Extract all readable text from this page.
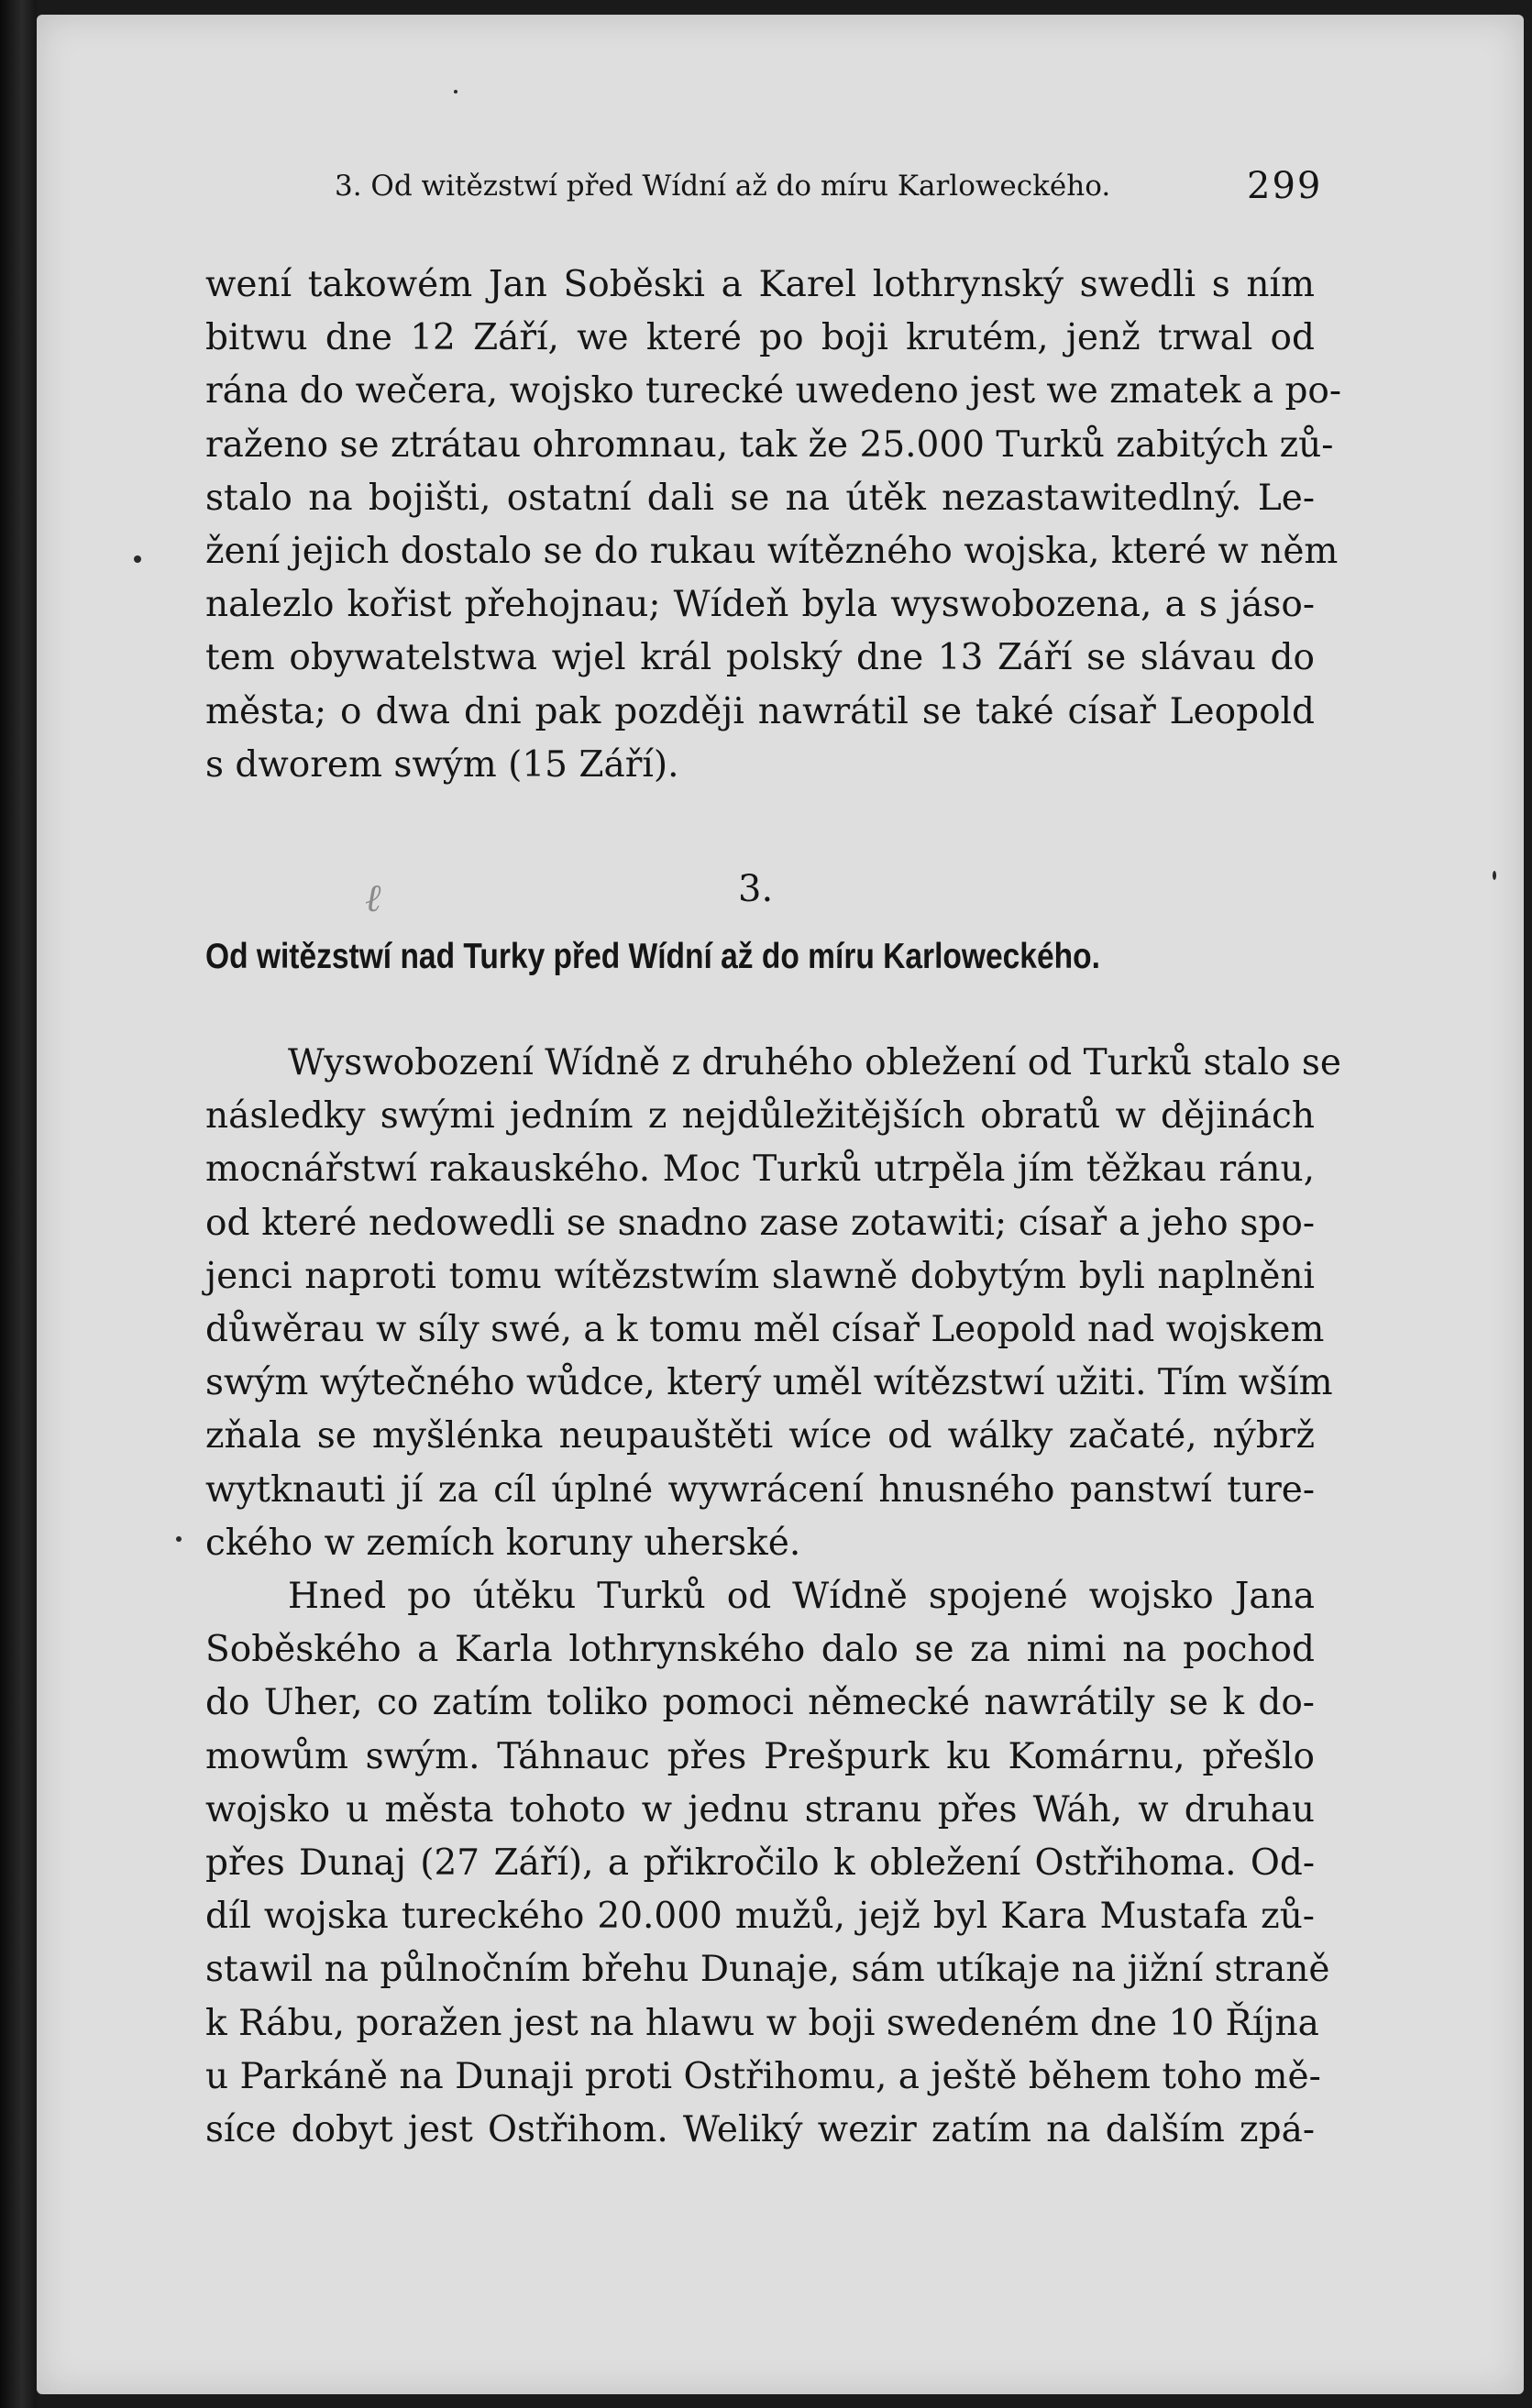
3. Od witězstwí před Wídní až do míru Karloweckého.	299
wení takowém Jan Soběski a Karel lothrynský swedli s ním
bitwu dne 12 Září, we které po boji krutém, jenž trwal od
rána do wečera, wojsko turecké uwedeno jest we zmatek a po-
raženo se ztrátau ohromnau, tak že 25.000 Turků zabitých zů-
stalo na bojišti, ostatní dali se na útěk nezastawitedlný. Le-
žení jejich dostalo se do rukau wítězného wojska, které w něm
nalezlo kořist přehojnau; Wídeň byla wyswobozena, a s jáso-
tem obywatelstwa wjel král polský dne 13 Září se slávau do
města; o dwa dni pak později nawrátil se také císař Leopold
s dworem swým (15 Září).
ℓ	3.
Od witězstwí nad Turky před Wídní až do míru Karloweckého.
Wyswobození Wídně z druhého obležení od Turků stalo se
následky swými jedním z nejdůležitějších obratů w dějinách
mocnářstwí rakauského. Moc Turků utrpěla jím těžkau ránu,
od které nedowedli se snadno zase zotawiti; císař a jeho spo-
jenci naproti tomu wítězstwím slawně dobytým byli naplněni
důwěrau w síly swé, a k tomu měl císař Leopold nad wojskem
swým wýtečného wůdce, který uměl wítězstwí užiti. Tím wším
zňala se myšlénka neupauštěti wíce od wálky začaté, nýbrž
wytknauti jí za cíl úplné wywrácení hnusného panstwí ture-
ckého w zemích koruny uherské.
Hned po útěku Turků od Wídně spojené wojsko Jana
Soběského a Karla lothrynského dalo se za nimi na pochod
do Uher, co zatím toliko pomoci německé nawrátily se k do-
mowům swým. Táhnauc přes Prešpurk ku Komárnu, přešlo
wojsko u města tohoto w jednu stranu přes Wáh, w druhau
přes Dunaj (27 Září), a přikročilo k obležení Ostřihoma. Od-
díl wojska tureckého 20.000 mužů, jejž byl Kara Mustafa zů-
stawil na půlnočním břehu Dunaje, sám utíkaje na jižní straně
k Rábu, poražen jest na hlawu w boji swedeném dne 10 Října
u Parkáně na Dunaji proti Ostřihomu, a ještě během toho mě-
síce dobyt jest Ostřihom. Weliký wezir zatím na dalším zpá-
